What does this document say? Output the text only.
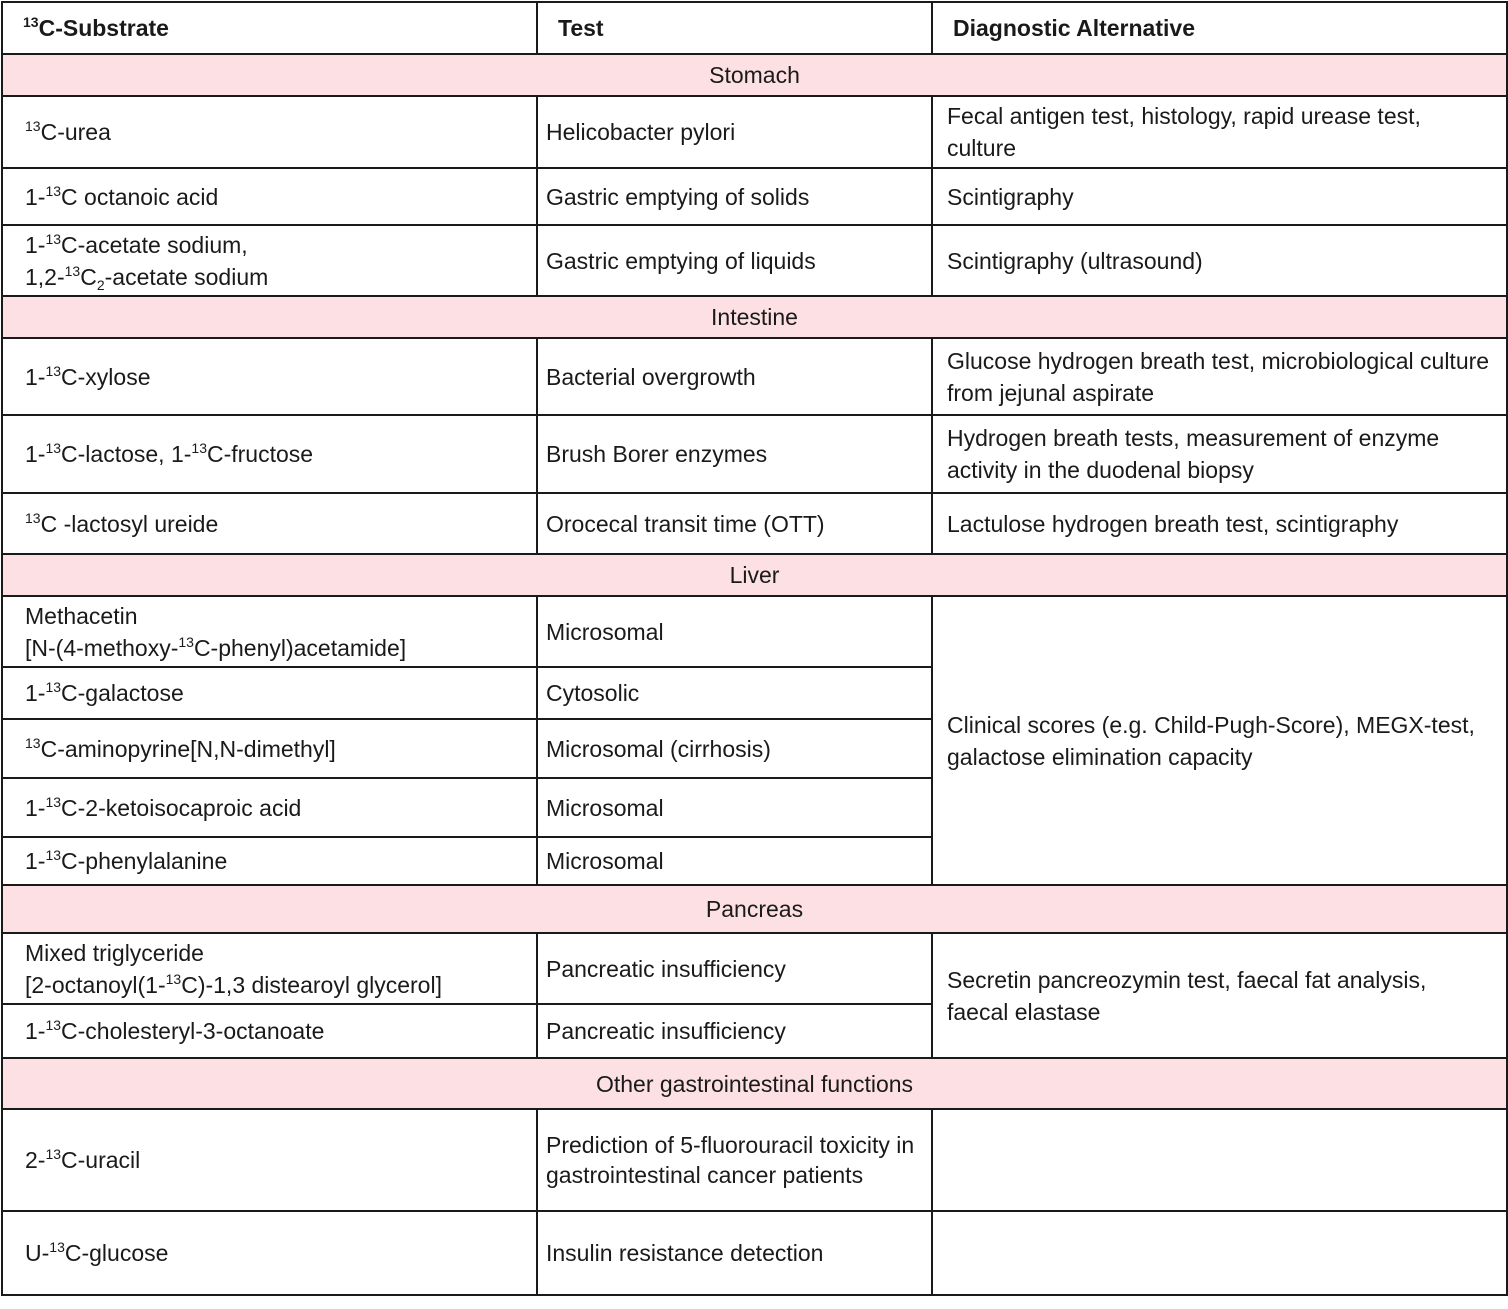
$^{13}$C-Substrate	Test	Diagnostic Alternative
Stomach		
$^{13}$C-urea	Helicobacter pylori	Fecal antigen test, histology, rapid urease test, culture
1-$^{13}$C octanoic acid	Gastric emptying of solids	Scintigraphy
1-$^{13}$C-acetate sodium,
$1,2-^{13}C_2$-acetate sodium	Gastric emptying of liquids	Scintigraphy (ultrasound)
Intestine		
1-$^{13}$C-xylose	Bacterial overgrowth	Glucose hydrogen breath test, microbiological culture from jejunal aspirate
1-$^{13}$C-lactose, 1-$^{13}$C-fructose	Brush Borer enzymes	Hydrogen breath tests, measurement of enzyme activity in the duodenal biopsy
$^{13}$C -lactosyl ureide	Orocecal transit time (OTT)	Lactulose hydrogen breath test, scintigraphy
Liver		
Methacetin
[N-(4-methoxy-$^{13}$C-phenyl)acetamide]	Microsomal	Clinical scores (e.g. Child-Pugh-Score), MEGX-test, galactose elimination capacity
1-$^{13}$C-galactose	Cytosolic	
$^{13}$C-aminopyrine[N,N-dimethyl]	Microsomal (cirrhosis)	
1-$^{13}$C-2-ketoisocaproic acid	Microsomal	
1-$^{13}$C-phenylalanine	Microsomal	
Pancreas		
Mixed triglyceride
[2-octanoyl(1-$^{13}$C)-1,3 distearoyl glycerol]	Pancreatic insufficiency	Secretin pancreozymin test, faecal fat analysis, faecal elastase
1-$^{13}$C-cholesteryl-3-octanoate	Pancreatic insufficiency	
Other gastrointestinal functions		
2-$^{13}$C-uracil	Prediction of 5-fluorouracil toxicity in gastrointestinal cancer patients	
U-$^{13}$C-glucose	Insulin resistance detection	
